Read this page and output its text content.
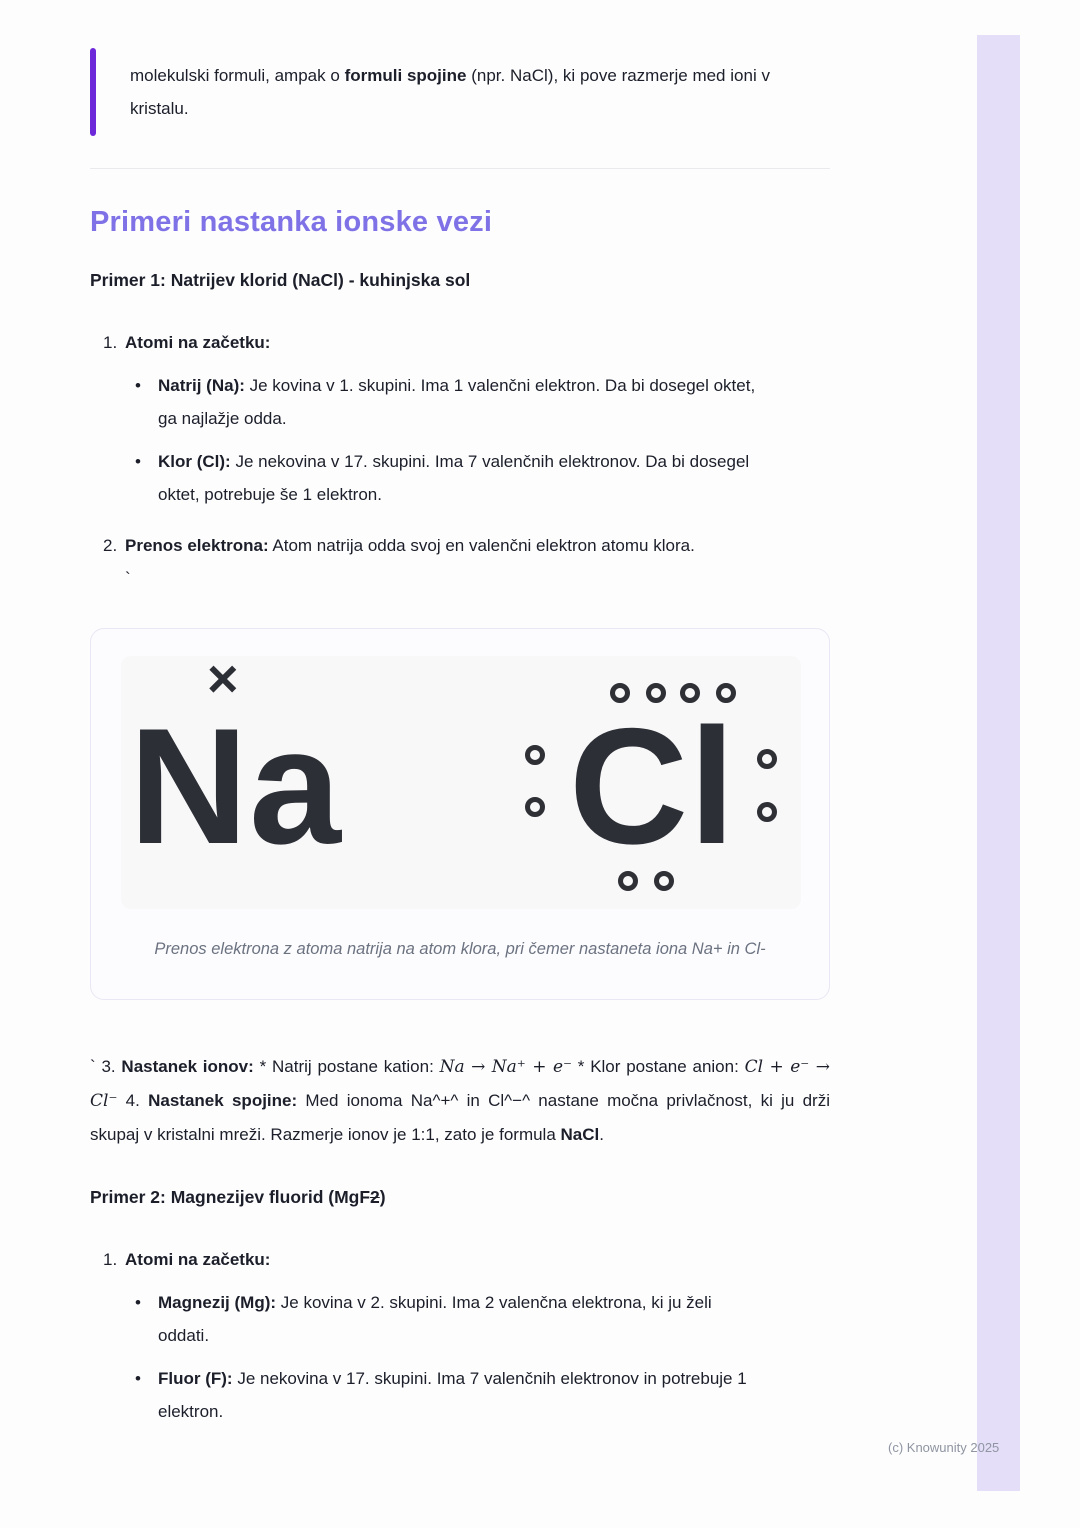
(c) Knowunity 2025
molekulski formuli, ampak o formuli spojine (npr. NaCl), ki pove razmerje med ioni v kristalu.
Primeri nastanka ionske vezi
Primer 1: Natrijev klorid (NaCl) - kuhinjska sol
1. Atomi na začetku:
•	Natrij (Na): Je kovina v 1. skupini. Ima 1 valenčni elektron. Da bi dosegel oktet, ga najlažje odda.
•	Klor (Cl): Je nekovina v 17. skupini. Ima 7 valenčnih elektronov. Da bi dosegel oktet, potrebuje še 1 elektron.
2. Prenos elektrona: Atom natrija odda svoj en valenčni elektron atomu klora.
`
×
Na Cl
Prenos elektrona z atoma natrija na atom klora, pri čemer nastaneta iona Na+ in Cl-

` 3. Nastanek ionov: * Natrij postane kation: Na → Na⁺ + e⁻ * Klor postane anion: Cl + e⁻ → Cl⁻ 4. Nastanek spojine: Med ionoma Na^+^ in Cl^−^ nastane močna privlačnost, ki ju drži skupaj v kristalni mreži. Razmerje ionov je 1:1, zato je formula NaCl.

Primer 2: Magnezijev fluorid (MgF2)
1. Atomi na začetku:
•	Magnezij (Mg): Je kovina v 2. skupini. Ima 2 valenčna elektrona, ki ju želi oddati.
•	Fluor (F): Je nekovina v 17. skupini. Ima 7 valenčnih elektronov in potrebuje 1 elektron.
